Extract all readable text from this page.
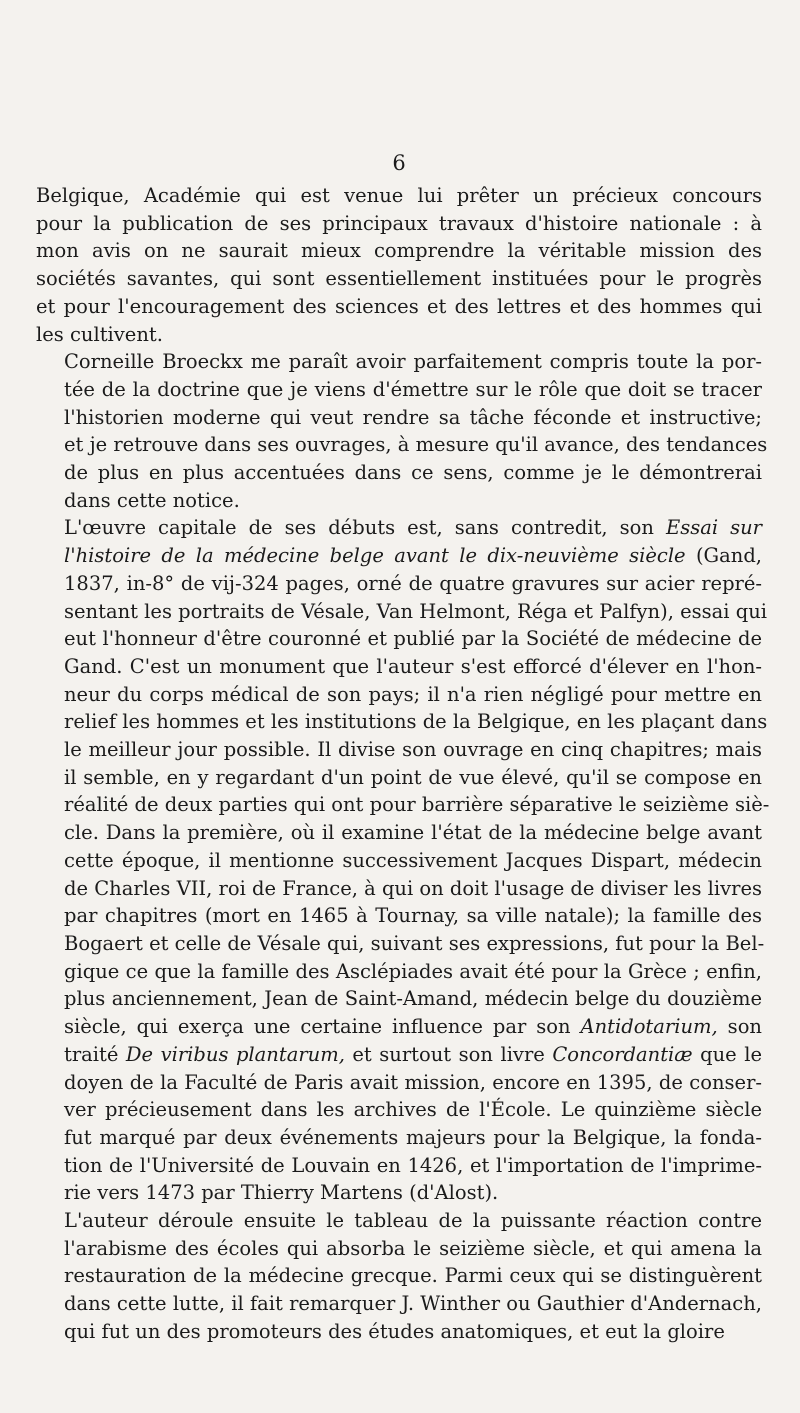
6

Belgique, Académie qui est venue lui prêter un précieux concours
pour la publication de ses principaux travaux d'histoire nationale : à
mon avis on ne saurait mieux comprendre la véritable mission des
sociétés savantes, qui sont essentiellement instituées pour le progrès
et pour l'encouragement des sciences et des lettres et des hommes qui
les cultivent.

Corneille Broeckx me paraît avoir parfaitement compris toute la por-
tée de la doctrine que je viens d'émettre sur le rôle que doit se tracer
l'historien moderne qui veut rendre sa tâche féconde et instructive;
et je retrouve dans ses ouvrages, à mesure qu'il avance, des tendances
de plus en plus accentuées dans ce sens, comme je le démontrerai
dans cette notice.

L'œuvre capitale de ses débuts est, sans contredit, son Essai sur
l'histoire de la médecine belge avant le dix-neuvième siècle (Gand,
1837, in-8° de vij-324 pages, orné de quatre gravures sur acier repré-
sentant les portraits de Vésale, Van Helmont, Réga et Palfyn), essai qui
eut l'honneur d'être couronné et publié par la Société de médecine de
Gand. C'est un monument que l'auteur s'est efforcé d'élever en l'hon-
neur du corps médical de son pays; il n'a rien négligé pour mettre en
relief les hommes et les institutions de la Belgique, en les plaçant dans
le meilleur jour possible. Il divise son ouvrage en cinq chapitres; mais
il semble, en y regardant d'un point de vue élevé, qu'il se compose en
réalité de deux parties qui ont pour barrière séparative le seizième siè-
cle. Dans la première, où il examine l'état de la médecine belge avant
cette époque, il mentionne successivement Jacques Dispart, médecin
de Charles VII, roi de France, à qui on doit l'usage de diviser les livres
par chapitres (mort en 1465 à Tournay, sa ville natale); la famille des
Bogaert et celle de Vésale qui, suivant ses expressions, fut pour la Bel-
gique ce que la famille des Asclépiades avait été pour la Grèce ; enfin,
plus anciennement, Jean de Saint-Amand, médecin belge du douzième
siècle, qui exerça une certaine influence par son Antidotarium, son
traité De viribus plantarum, et surtout son livre Concordantiæ que le
doyen de la Faculté de Paris avait mission, encore en 1395, de conser-
ver précieusement dans les archives de l'École. Le quinzième siècle
fut marqué par deux événements majeurs pour la Belgique, la fonda-
tion de l'Université de Louvain en 1426, et l'importation de l'imprime-
rie vers 1473 par Thierry Martens (d'Alost).

L'auteur déroule ensuite le tableau de la puissante réaction contre
l'arabisme des écoles qui absorba le seizième siècle, et qui amena la
restauration de la médecine grecque. Parmi ceux qui se distinguèrent
dans cette lutte, il fait remarquer J. Winther ou Gauthier d'Andernach,
qui fut un des promoteurs des études anatomiques, et eut la gloire
